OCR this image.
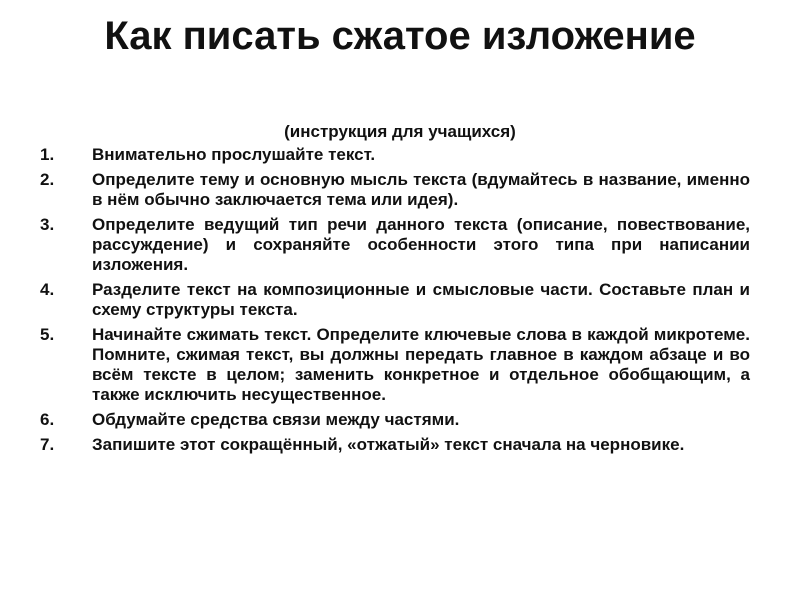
Как писать сжатое изложение
(инструкция для учащихся)
1.	Внимательно прослушайте текст.
2.	Определите тему и основную мысль текста (вдумайтесь в название, именно в нём обычно заключается тема или идея).
3.	Определите ведущий тип речи данного текста (описание, повествование, рассуждение) и сохраняйте особенности этого типа при написании изложения.
4.	Разделите текст на композиционные и смысловые части. Составьте план и схему структуры текста.
5.	Начинайте сжимать текст. Определите ключевые слова в каждой микротеме. Помните, сжимая текст, вы должны передать главное в каждом абзаце и во всём тексте в целом; заменить конкретное и отдельное обобщающим, а также исключить несущественное.
6.	Обдумайте средства связи между частями.
7.	Запишите этот сокращённый, «отжатый» текст сначала на черновике.
